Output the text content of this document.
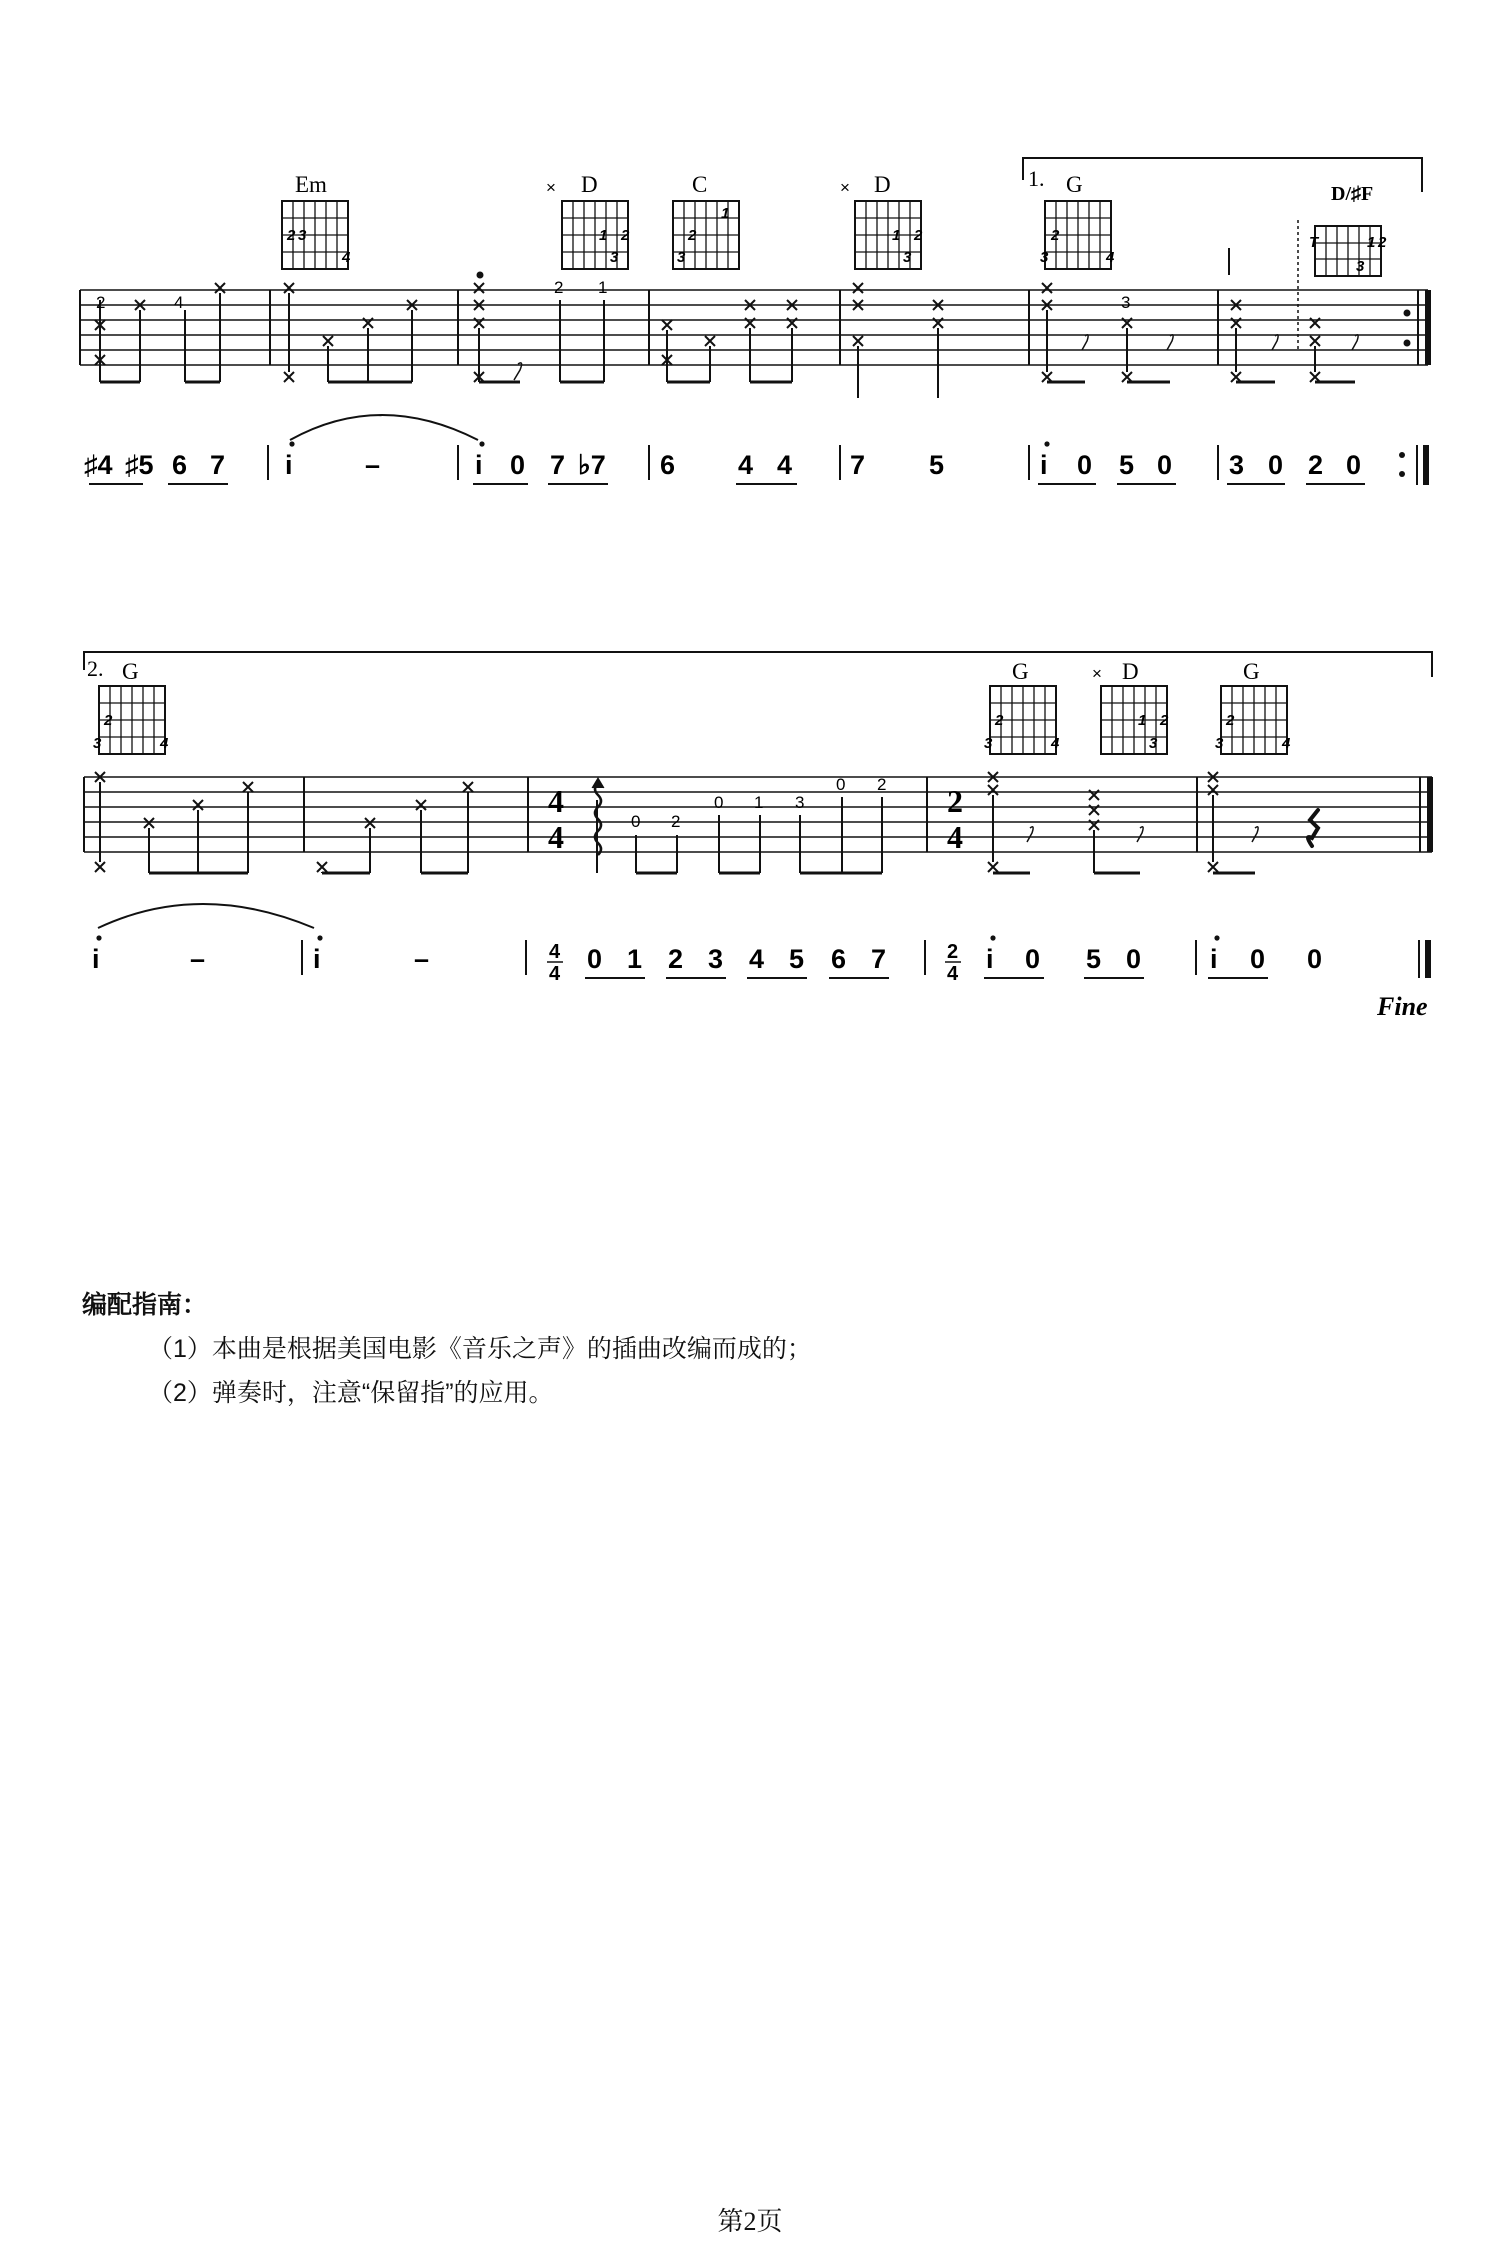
1.
Em
2 3
4
× D
1 2
3
C
1
2
3
× D
1 2
3
G
2
3	4
D/♯F
T	1 2
3
2	4
2 1
3
♯4 ♯5 6 7 i	–	i 0 7 ♭7 6 4 4 7 5	i 0 5 0 3 0 2 0
2. G
2
3	4
G
2
3	4
× D
1 2
3
G
2
3	4
4
4
2
4
0 2
0 1 3
0 2
i	–	i	–	4
4 0 1 2 3 4 5 6 7	2
4 i 0 5 0	i 0 0
Fine
编配指南：
（1）本曲是根据美国电影《音乐之声》的插曲改编而成的；
（2）弹奏时，注意“保留指”的应用。
第2页
